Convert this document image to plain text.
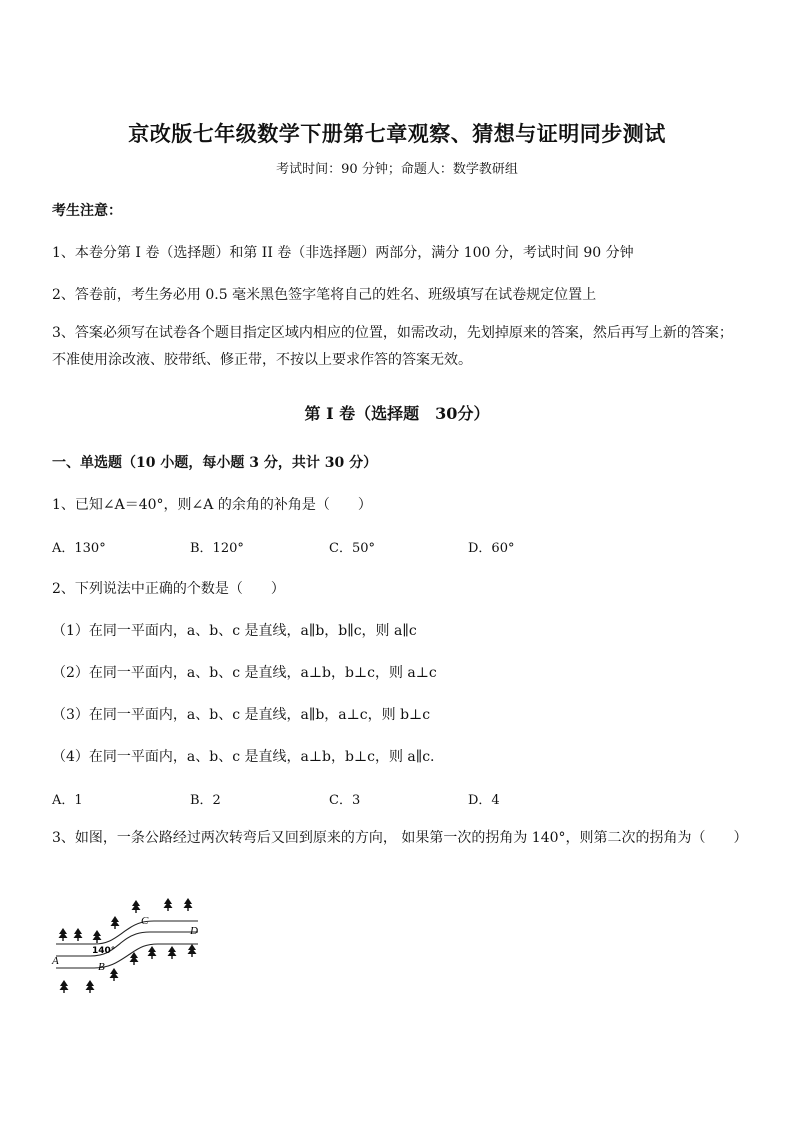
京改版七年级数学下册第七章观察、猜想与证明同步测试
考试时间：90 分钟；命题人：数学教研组
考生注意：
1、本卷分第 I 卷（选择题）和第 II 卷（非选择题）两部分，满分 100 分，考试时间 90 分钟
2、答卷前，考生务必用 0.5 毫米黑色签字笔将自己的姓名、班级填写在试卷规定位置上
3、答案必须写在试卷各个题目指定区域内相应的位置，如需改动，先划掉原来的答案，然后再写上新的答案；不准使用涂改液、胶带纸、修正带，不按以上要求作答的答案无效。
第 I 卷（选择题　30分）
一、单选题（10 小题，每小题 3 分，共计 30 分）
1、已知∠A＝40°，则∠A 的余角的补角是（　　）
A．130°	B．120°	C．50°	D．60°
2、下列说法中正确的个数是（　　）
（1）在同一平面内，a、b、c 是直线，a∥b，b∥c，则 a∥c
（2）在同一平面内，a、b、c 是直线，a⊥b，b⊥c，则 a⊥c
（3）在同一平面内，a、b、c 是直线，a∥b，a⊥c，则 b⊥c
（4）在同一平面内，a、b、c 是直线，a⊥b，b⊥c，则 a∥c.
A．1	B．2	C．3	D．4
3、如图，一条公路经过两次转弯后又回到原来的方向， 如果第一次的拐角为 140°，则第二次的拐角为（　　）
A	B
C
D
140°
